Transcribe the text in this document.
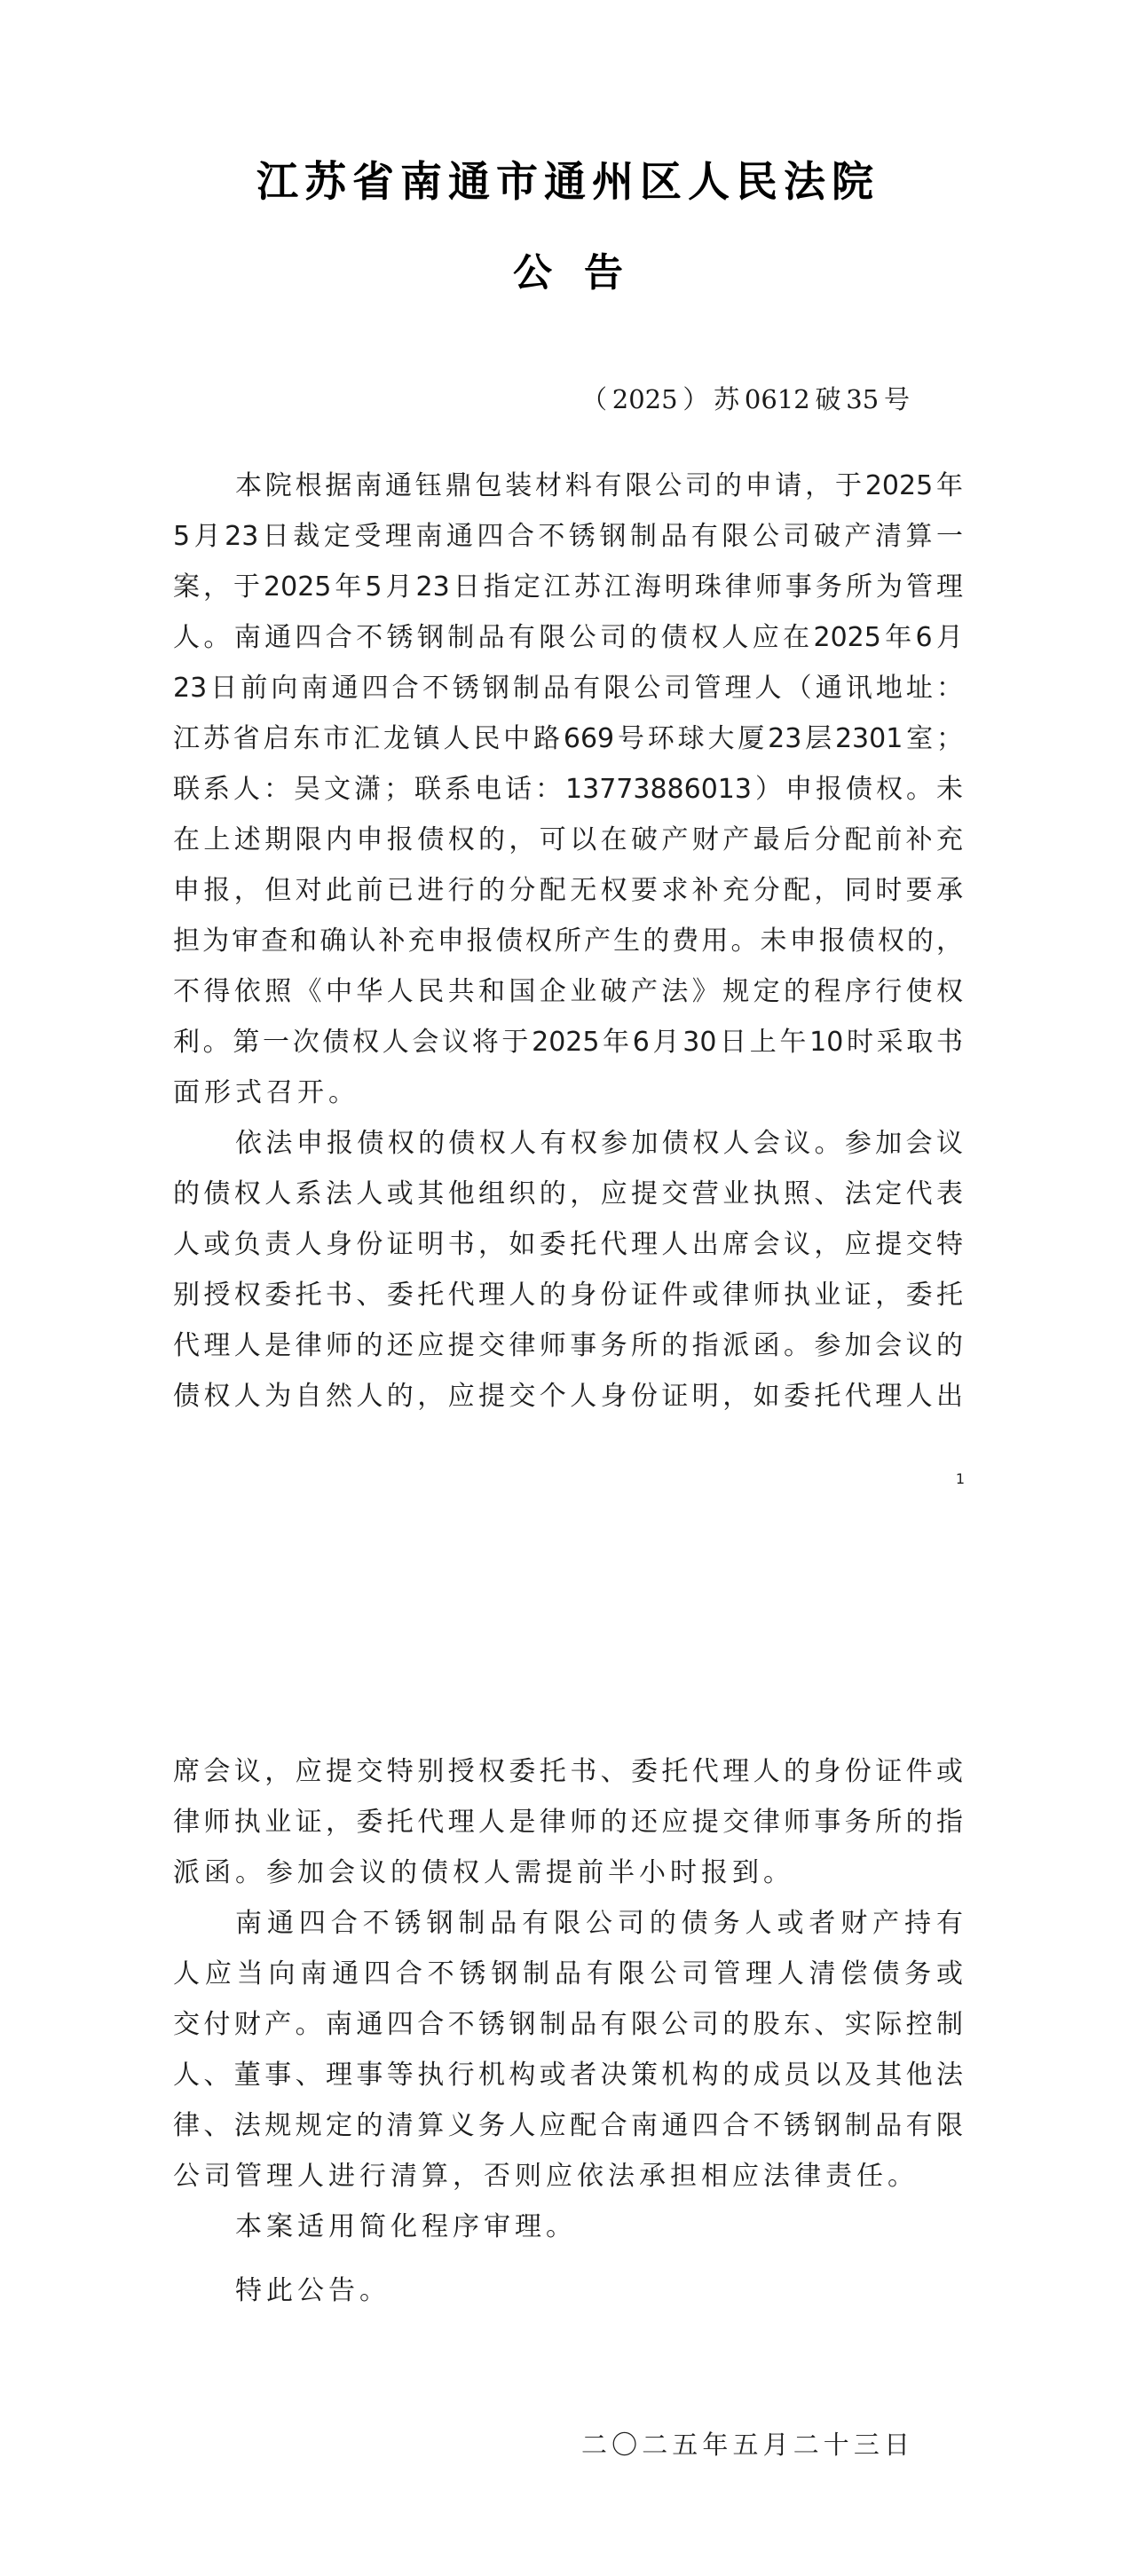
江苏省南通市通州区人民法院
公告
（2025）苏0612破35号
本院根据南通钰鼎包装材料有限公司的申请，于2025年
5月23日裁定受理南通四合不锈钢制品有限公司破产清算一
案，于2025年5月23日指定江苏江海明珠律师事务所为管理
人。南通四合不锈钢制品有限公司的债权人应在2025年6月
23日前向南通四合不锈钢制品有限公司管理人（通讯地址：
江苏省启东市汇龙镇人民中路669号环球大厦23层2301室；
联系人：吴文潇；联系电话：13773886013）申报债权。未
在上述期限内申报债权的，可以在破产财产最后分配前补充
申报，但对此前已进行的分配无权要求补充分配，同时要承
担为审查和确认补充申报债权所产生的费用。未申报债权的，
不得依照《中华人民共和国企业破产法》规定的程序行使权
利。第一次债权人会议将于2025年6月30日上午10时采取书
面形式召开。
依法申报债权的债权人有权参加债权人会议。参加会议
的债权人系法人或其他组织的，应提交营业执照、法定代表
人或负责人身份证明书，如委托代理人出席会议，应提交特
别授权委托书、委托代理人的身份证件或律师执业证，委托
代理人是律师的还应提交律师事务所的指派函。参加会议的
债权人为自然人的，应提交个人身份证明，如委托代理人出
1
席会议，应提交特别授权委托书、委托代理人的身份证件或
律师执业证，委托代理人是律师的还应提交律师事务所的指
派函。参加会议的债权人需提前半小时报到。
南通四合不锈钢制品有限公司的债务人或者财产持有
人应当向南通四合不锈钢制品有限公司管理人清偿债务或
交付财产。南通四合不锈钢制品有限公司的股东、实际控制
人、董事、理事等执行机构或者决策机构的成员以及其他法
律、法规规定的清算义务人应配合南通四合不锈钢制品有限
公司管理人进行清算，否则应依法承担相应法律责任。
本案适用简化程序审理。
特此公告。
二〇二五年五月二十三日
